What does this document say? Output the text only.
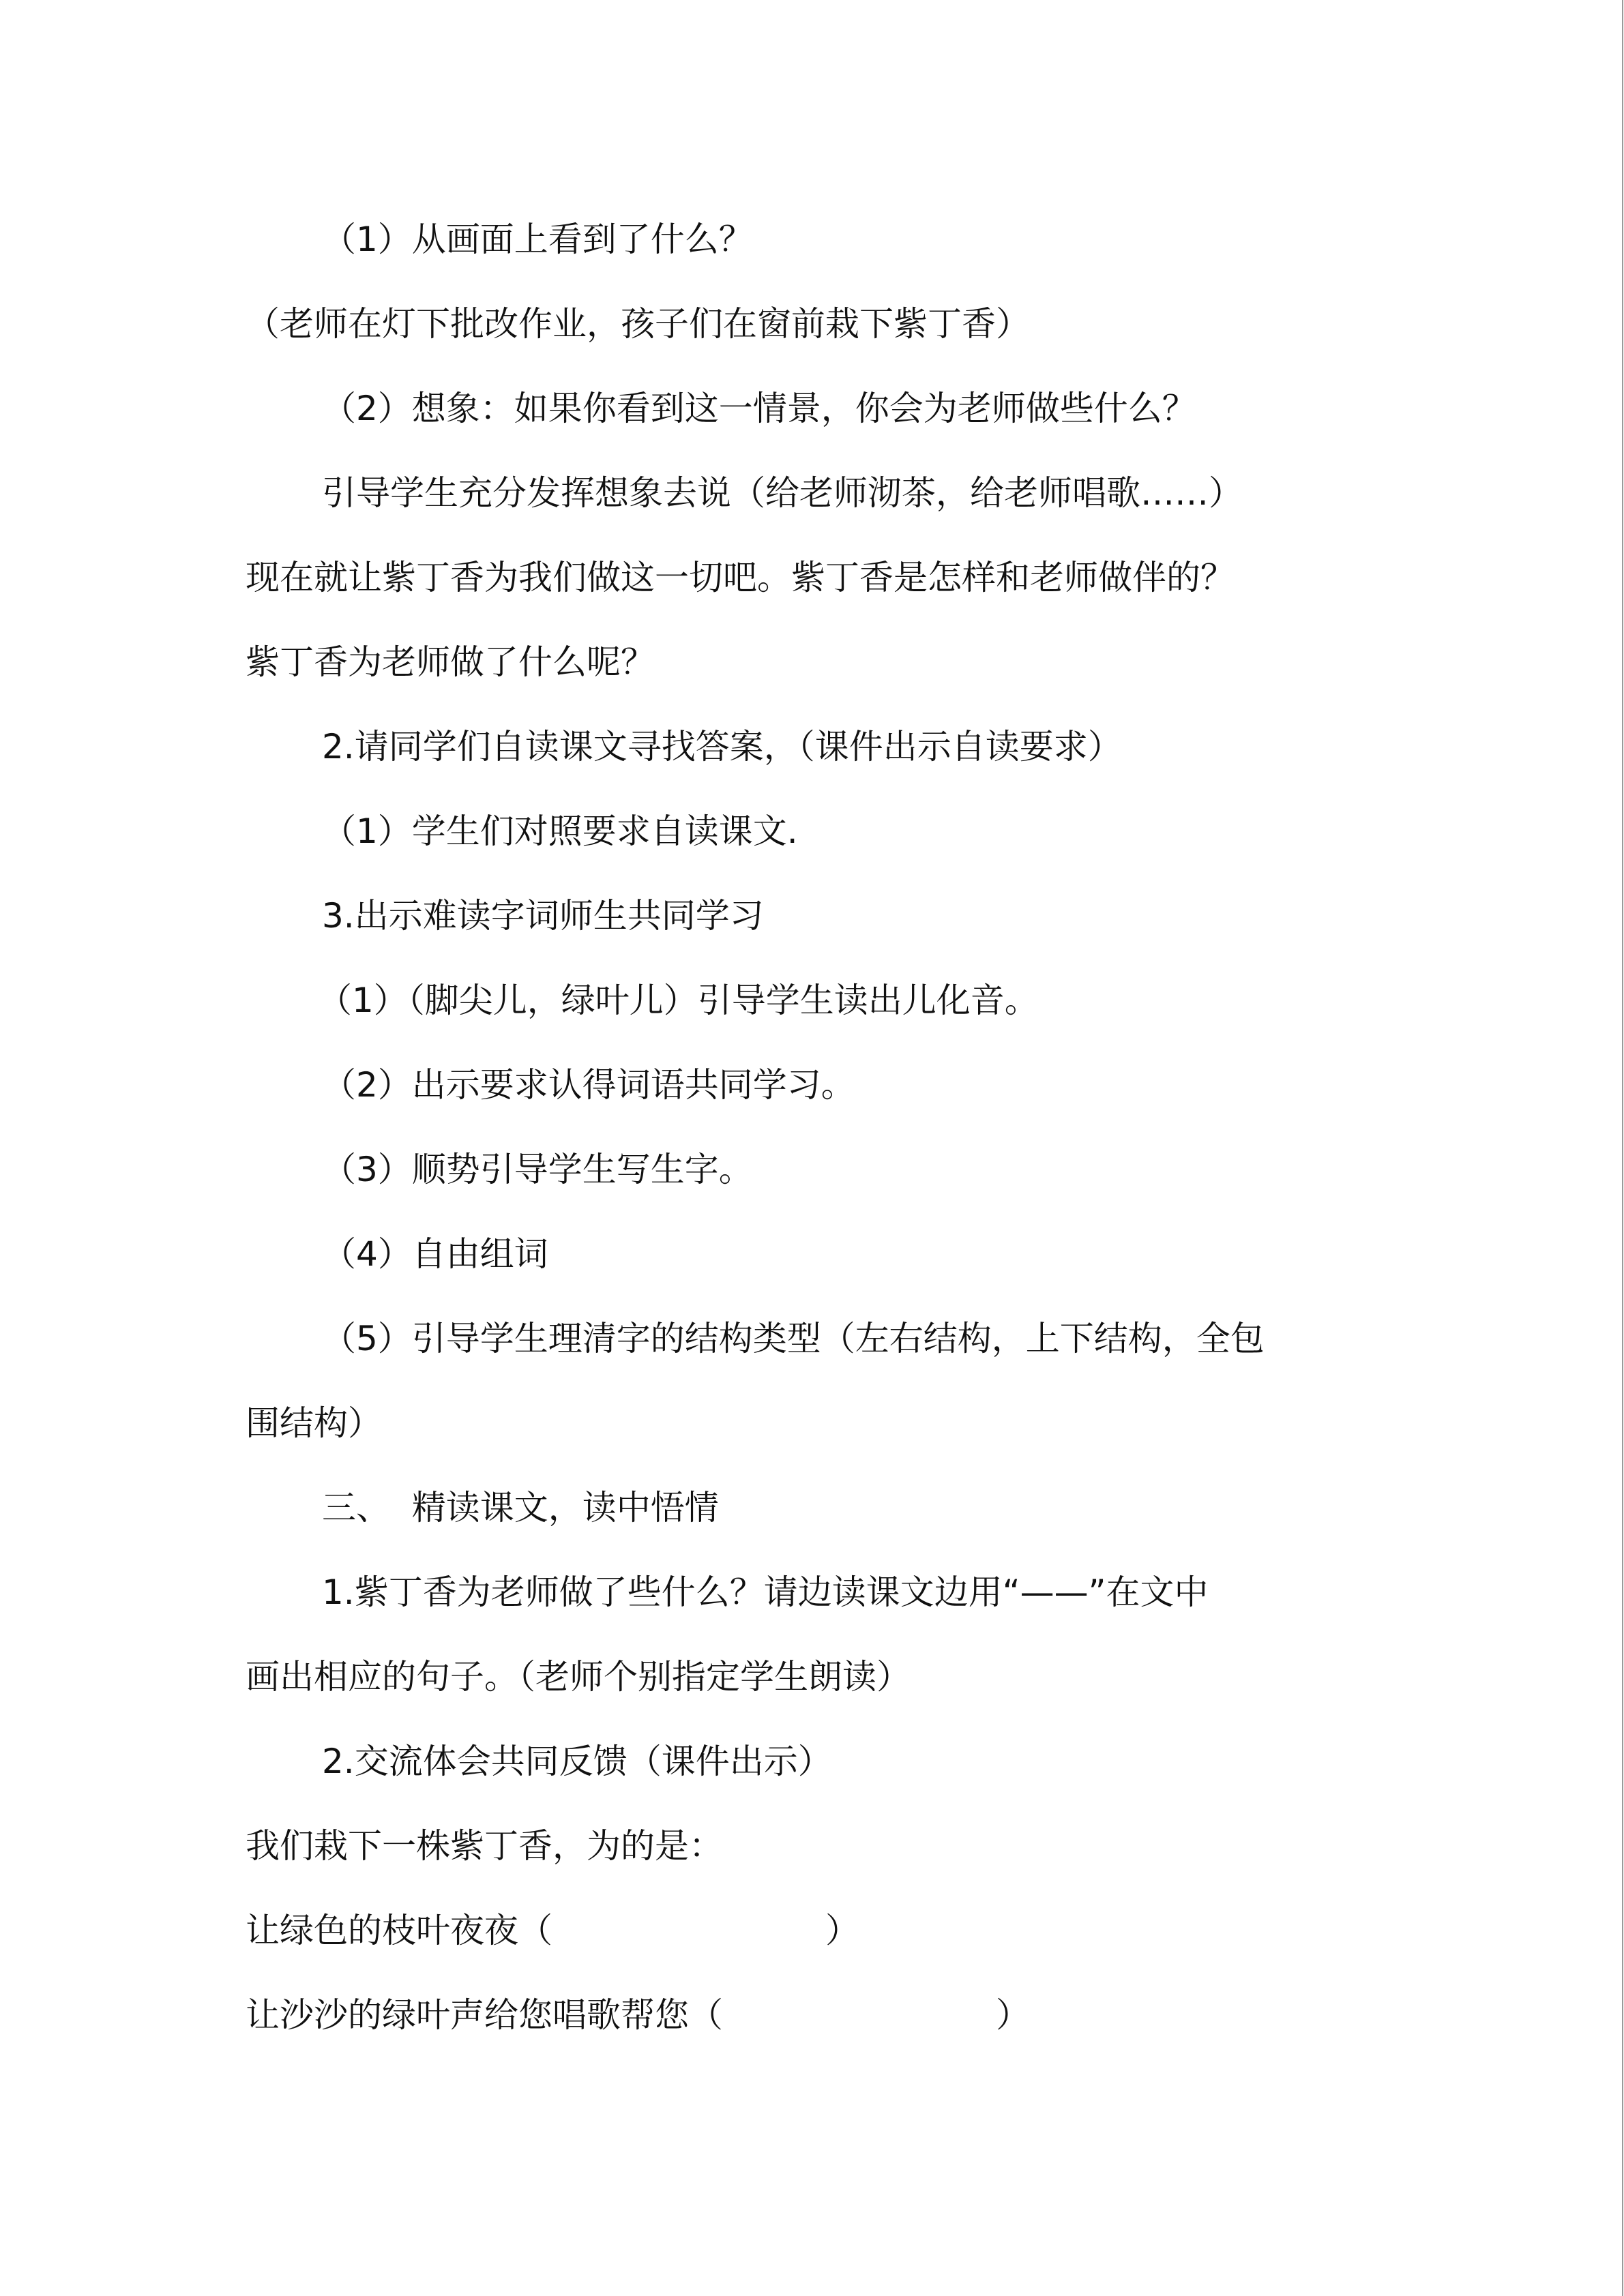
（1）从画面上看到了什么？

（老师在灯下批改作业，孩子们在窗前栽下紫丁香）

（2）想象：如果你看到这一情景，你会为老师做些什么？

引导学生充分发挥想象去说（给老师沏茶，给老师唱歌……）

现在就让紫丁香为我们做这一切吧。紫丁香是怎样和老师做伴的？

紫丁香为老师做了什么呢？

2.请同学们自读课文寻找答案，（课件出示自读要求）

（1）学生们对照要求自读课文.

3.出示难读字词师生共同学习

（1）（脚尖儿，绿叶儿）引导学生读出儿化音。

（2）出示要求认得词语共同学习。

（3）顺势引导学生写生字。

（4）自由组词

（5）引导学生理清字的结构类型（左右结构，上下结构，全包

围结构）

三、  精读课文，读中悟情

1.紫丁香为老师做了些什么？请边读课文边用“——”在文中

画出相应的句子。（老师个别指定学生朗读）

2.交流体会共同反馈（课件出示）

我们栽下一株紫丁香，为的是：

让绿色的枝叶夜夜（	）

让沙沙的绿叶声给您唱歌帮您（	）
